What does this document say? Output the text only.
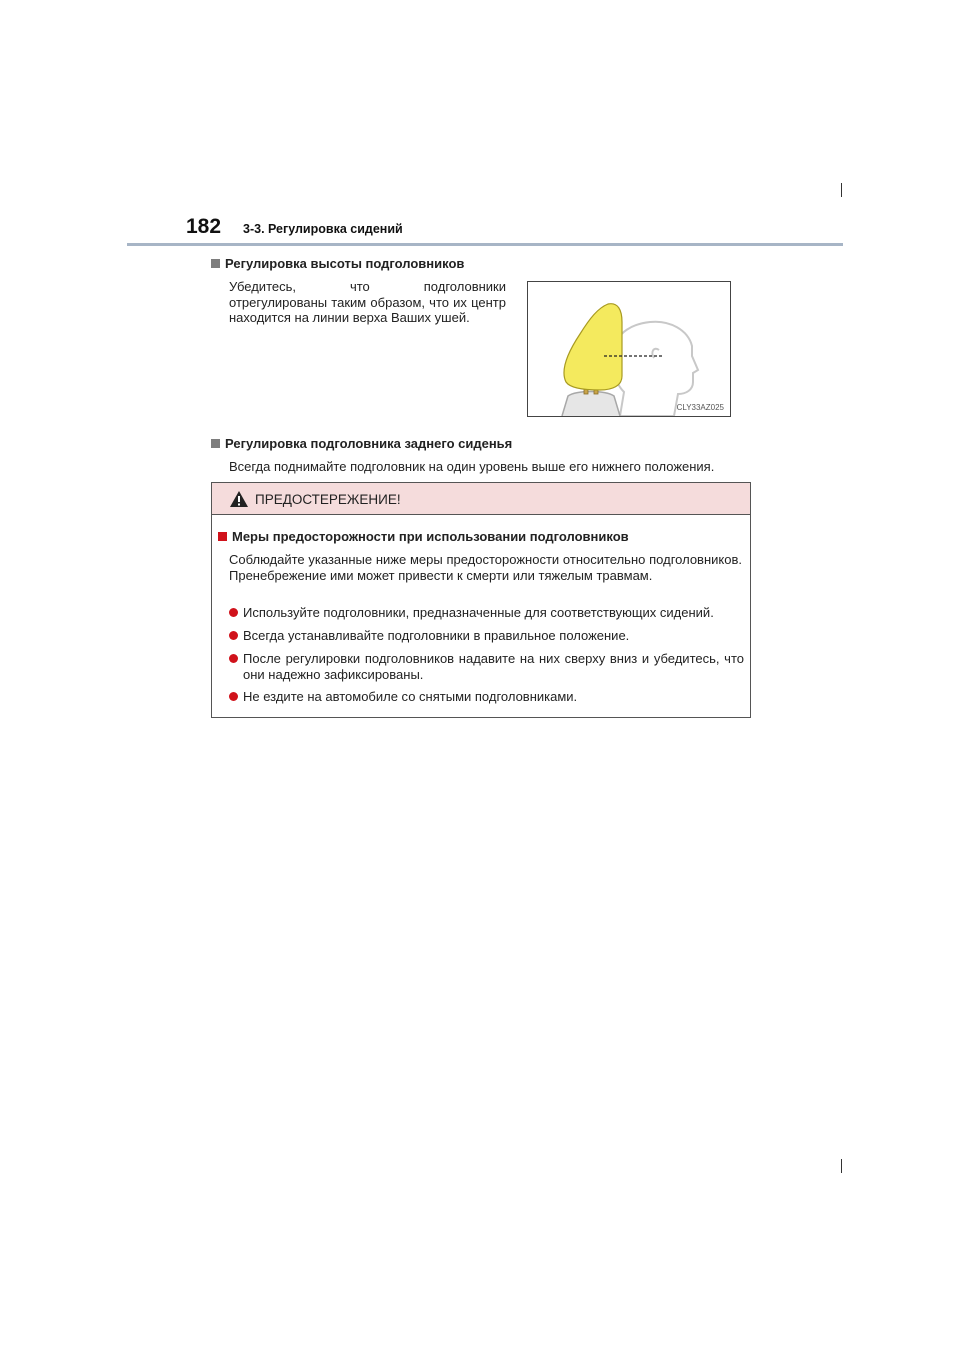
182 3-3. Регулировка сидений
Регулировка высоты подголовников

Убедитесь, что подголовники отрегулированы таким образом, что их центр находится на линии верха Ваших ушей.

CLY33AZ025
Регулировка подголовника заднего сиденья

Всегда поднимайте подголовник на один уровень выше его нижнего положения.

ПРЕДОСТЕРЕЖЕНИЕ!
Меры предосторожности при использовании подголовников

Соблюдайте указанные ниже меры предосторожности относительно подголовников. Пренебрежение ими может привести к смерти или тяжелым травмам.

Используйте подголовники, предназначенные для соответствующих сидений.
Всегда устанавливайте подголовники в правильное положение.
После регулировки подголовников надавите на них сверху вниз и убедитесь, что они надежно зафиксированы.
Не ездите на автомобиле со снятыми подголовниками.
